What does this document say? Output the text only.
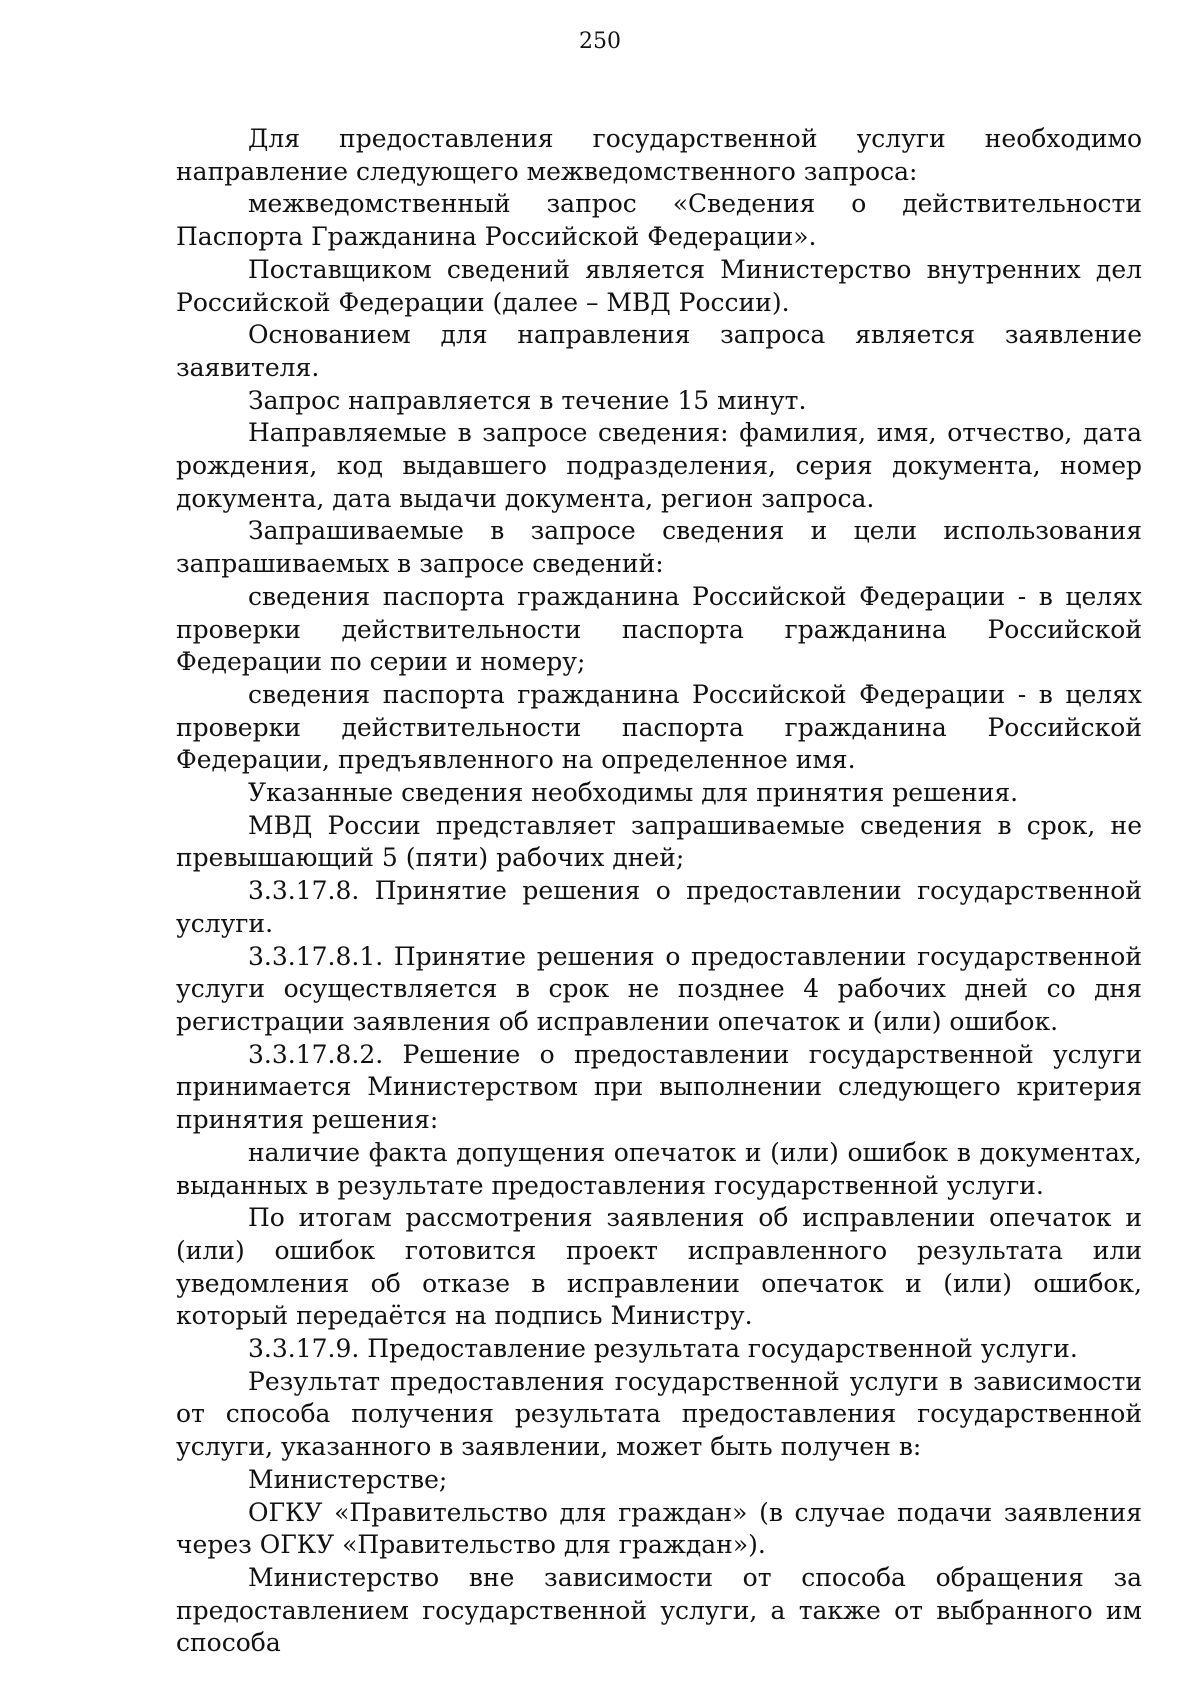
250

Для предоставления государственной услуги необходимо направление следующего межведомственного запроса:

межведомственный запрос «Сведения о действительности Паспорта Гражданина Российской Федерации».

Поставщиком сведений является Министерство внутренних дел Российской Федерации (далее – МВД России).

Основанием для направления запроса является заявление заявителя.

Запрос направляется в течение 15 минут.

Направляемые в запросе сведения: фамилия, имя, отчество, дата рождения, код выдавшего подразделения, серия документа, номер документа, дата выдачи документа, регион запроса.

Запрашиваемые в запросе сведения и цели использования запрашиваемых в запросе сведений:

сведения паспорта гражданина Российской Федерации - в целях проверки действительности паспорта гражданина Российской Федерации по серии и номеру;

сведения паспорта гражданина Российской Федерации - в целях проверки действительности паспорта гражданина Российской Федерации, предъявленного на определенное имя.

Указанные сведения необходимы для принятия решения.

МВД России представляет запрашиваемые сведения в срок, не превышающий 5 (пяти) рабочих дней;

3.3.17.8. Принятие решения о предоставлении государственной услуги.

3.3.17.8.1. Принятие решения о предоставлении государственной услуги осуществляется в срок не позднее 4 рабочих дней со дня регистрации заявления об исправлении опечаток и (или) ошибок.

3.3.17.8.2. Решение о предоставлении государственной услуги принимается Министерством при выполнении следующего критерия принятия решения:

наличие факта допущения опечаток и (или) ошибок в документах, выданных в результате предоставления государственной услуги.

По итогам рассмотрения заявления об исправлении опечаток и (или) ошибок готовится проект исправленного результата или уведомления об отказе в исправлении опечаток и (или) ошибок, который передаётся на подпись Министру.

3.3.17.9. Предоставление результата государственной услуги.

Результат предоставления государственной услуги в зависимости от способа получения результата предоставления государственной услуги, указанного в заявлении, может быть получен в:

Министерстве;

ОГКУ «Правительство для граждан» (в случае подачи заявления через ОГКУ «Правительство для граждан»).

Министерство вне зависимости от способа обращения за предоставлением государственной услуги, а также от выбранного им способа
